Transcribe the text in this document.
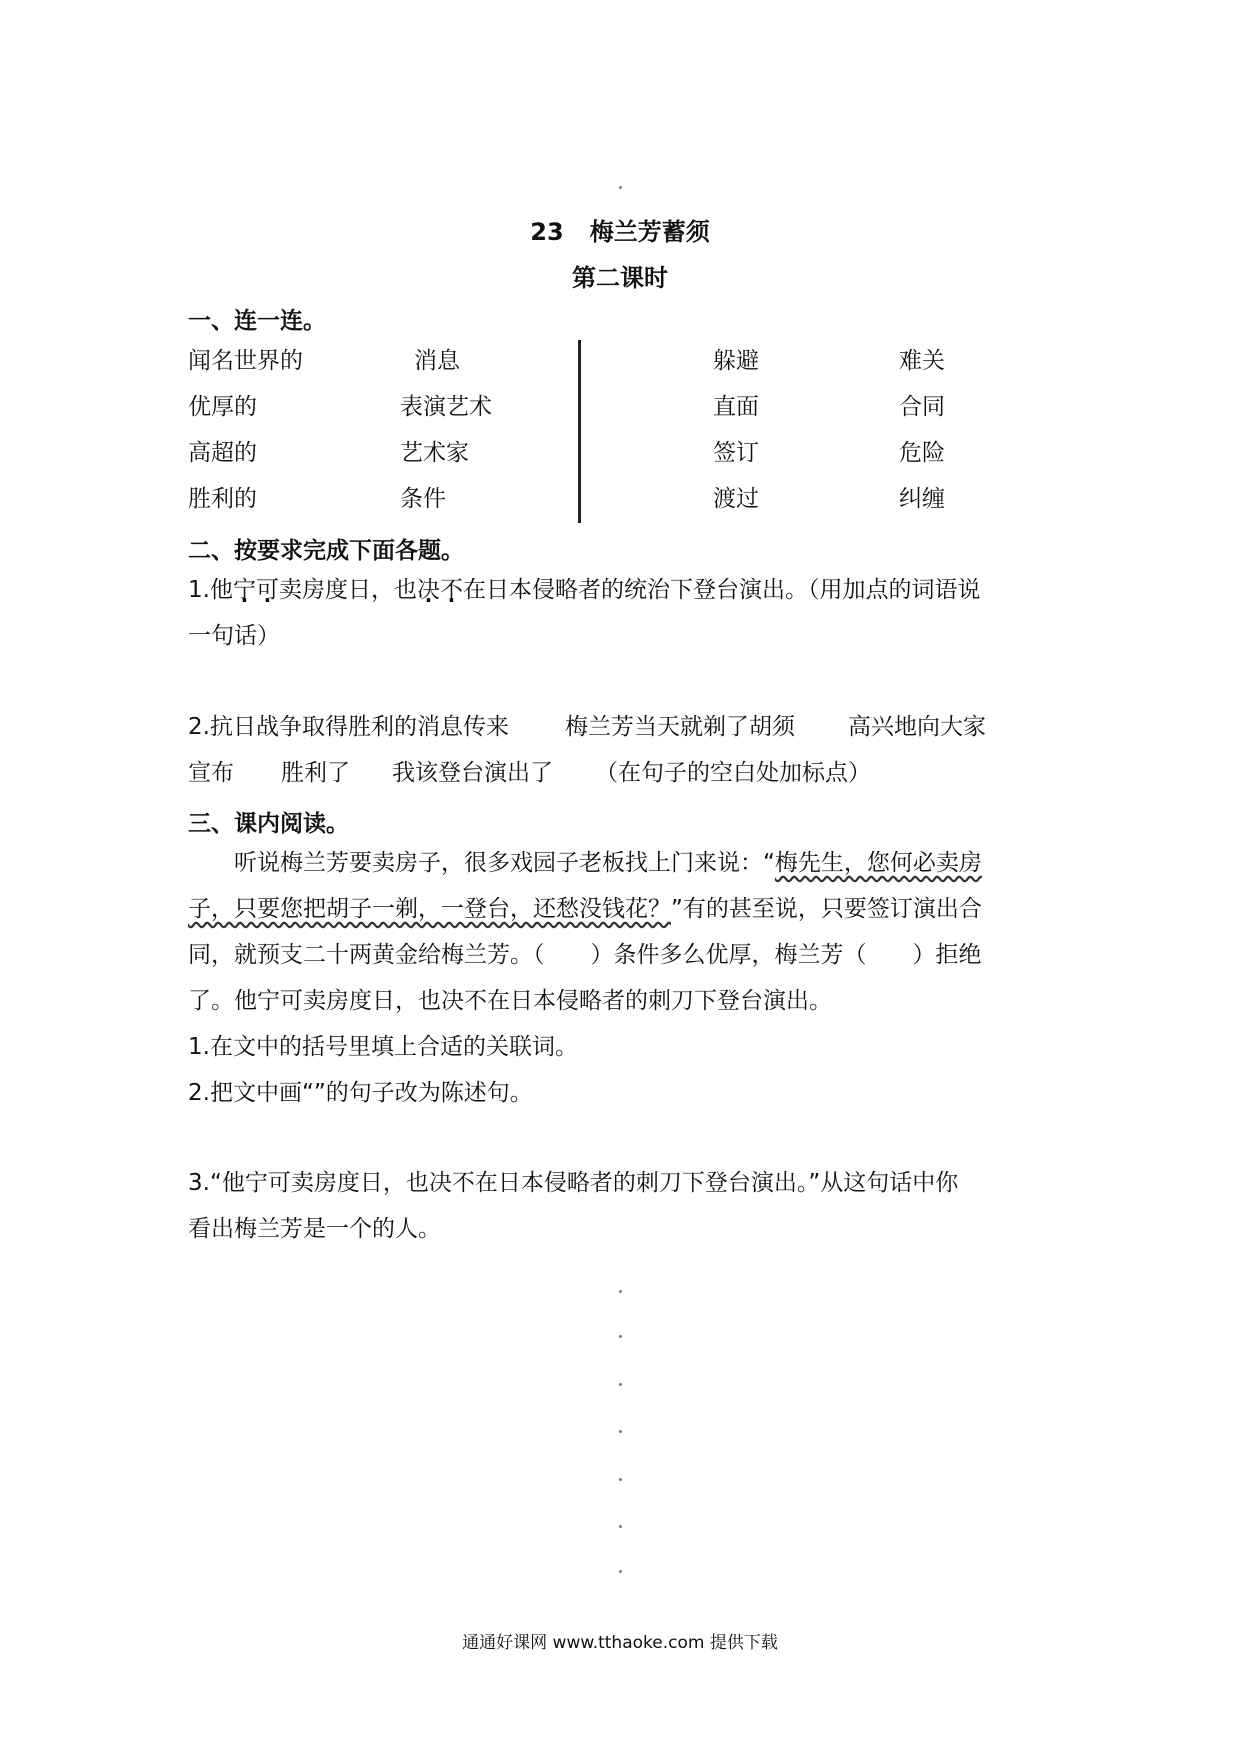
23 梅兰芳蓄须
第二课时
一、连一连。
闻名世界的
优厚的
高超的
胜利的
消息
表演艺术
艺术家
条件
躲避
直面
签订
渡过
难关
合同
危险
纠缠
二、按要求完成下面各题。
1.他宁可卖房度日，也决不在日本侵略者的统治下登台演出。（用加点的词语说
一句话）
2.抗日战争取得胜利的消息传来 梅兰芳当天就剃了胡须 高兴地向大家
宣布 胜利了 我该登台演出了 （在句子的空白处加标点）
三、课内阅读。
听说梅兰芳要卖房子，很多戏园子老板找上门来说：“梅先生，您何必卖房
子，只要您把胡子一剃，一登台，还愁没钱花？”有的甚至说，只要签订演出合
同，就预支二十两黄金给梅兰芳。（　　）条件多么优厚，梅兰芳（　　）拒绝
了。他宁可卖房度日，也决不在日本侵略者的刺刀下登台演出。
1.在文中的括号里填上合适的关联词。
2.把文中画“”的句子改为陈述句。
3.“他宁可卖房度日，也决不在日本侵略者的刺刀下登台演出。”从这句话中你
看出梅兰芳是一个的人。
通通好课网 www.tthaoke.com 提供下载
